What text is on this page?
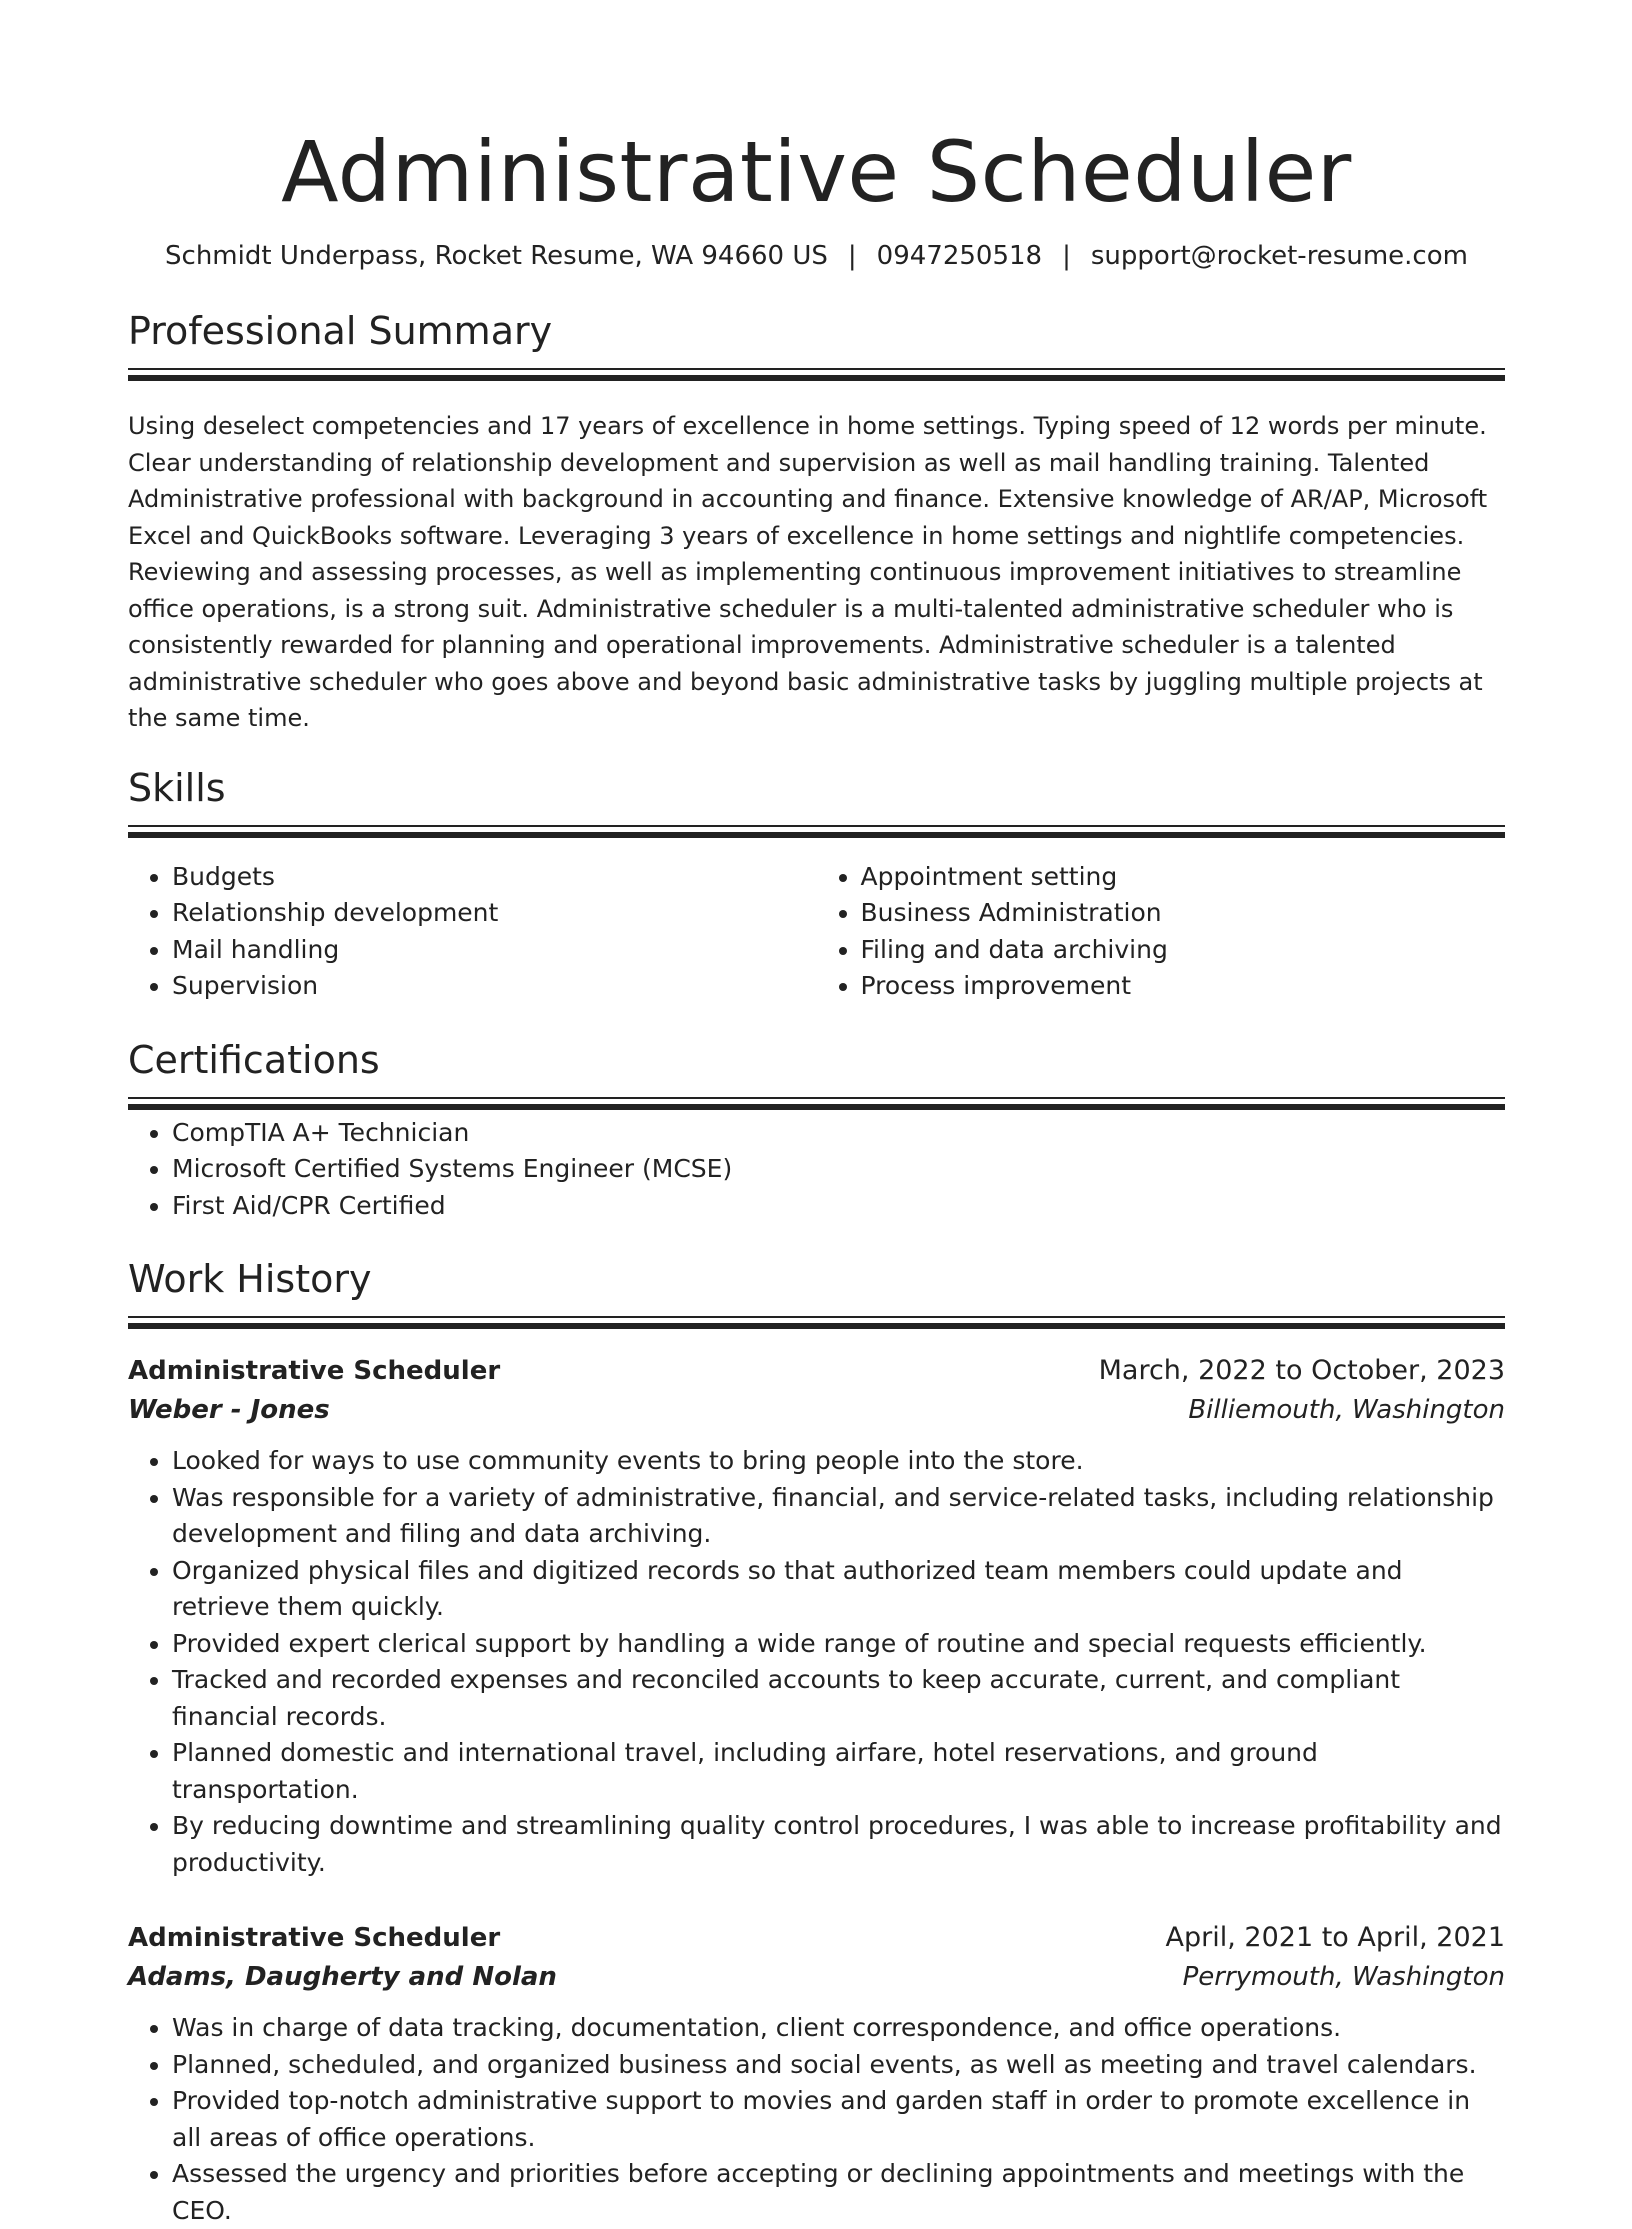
Administrative Scheduler
Schmidt Underpass, Rocket Resume, WA 94660 US | 0947250518 | support@rocket-resume.com
Professional Summary

Using deselect competencies and 17 years of excellence in home settings. Typing speed of 12 words per minute. Clear understanding of relationship development and supervision as well as mail handling training. Talented Administrative professional with background in accounting and finance. Extensive knowledge of AR/AP, Microsoft Excel and QuickBooks software. Leveraging 3 years of excellence in home settings and nightlife competencies. Reviewing and assessing processes, as well as implementing continuous improvement initiatives to streamline office operations, is a strong suit. Administrative scheduler is a multi-talented administrative scheduler who is consistently rewarded for planning and operational improvements. Administrative scheduler is a talented administrative scheduler who goes above and beyond basic administrative tasks by juggling multiple projects at the same time.

Skills
• Budgets
• Relationship development
• Mail handling
• Supervision
• Appointment setting
• Business Administration
• Filing and data archiving
• Process improvement
Certifications
• CompTIA A+ Technician
• Microsoft Certified Systems Engineer (MCSE)
• First Aid/CPR Certified
Work History
Administrative Scheduler	March, 2022 to October, 2023
Weber - Jones	Billiemouth, Washington
• Looked for ways to use community events to bring people into the store.
• Was responsible for a variety of administrative, financial, and service-related tasks, including relationship development and filing and data archiving.
• Organized physical files and digitized records so that authorized team members could update and retrieve them quickly.
• Provided expert clerical support by handling a wide range of routine and special requests efficiently.
• Tracked and recorded expenses and reconciled accounts to keep accurate, current, and compliant financial records.
• Planned domestic and international travel, including airfare, hotel reservations, and ground transportation.
• By reducing downtime and streamlining quality control procedures, I was able to increase profitability and productivity.
Administrative Scheduler	April, 2021 to April, 2021
Adams, Daugherty and Nolan	Perrymouth, Washington
• Was in charge of data tracking, documentation, client correspondence, and office operations.
• Planned, scheduled, and organized business and social events, as well as meeting and travel calendars.
• Provided top-notch administrative support to movies and garden staff in order to promote excellence in all areas of office operations.
• Assessed the urgency and priorities before accepting or declining appointments and meetings with the CEO.
